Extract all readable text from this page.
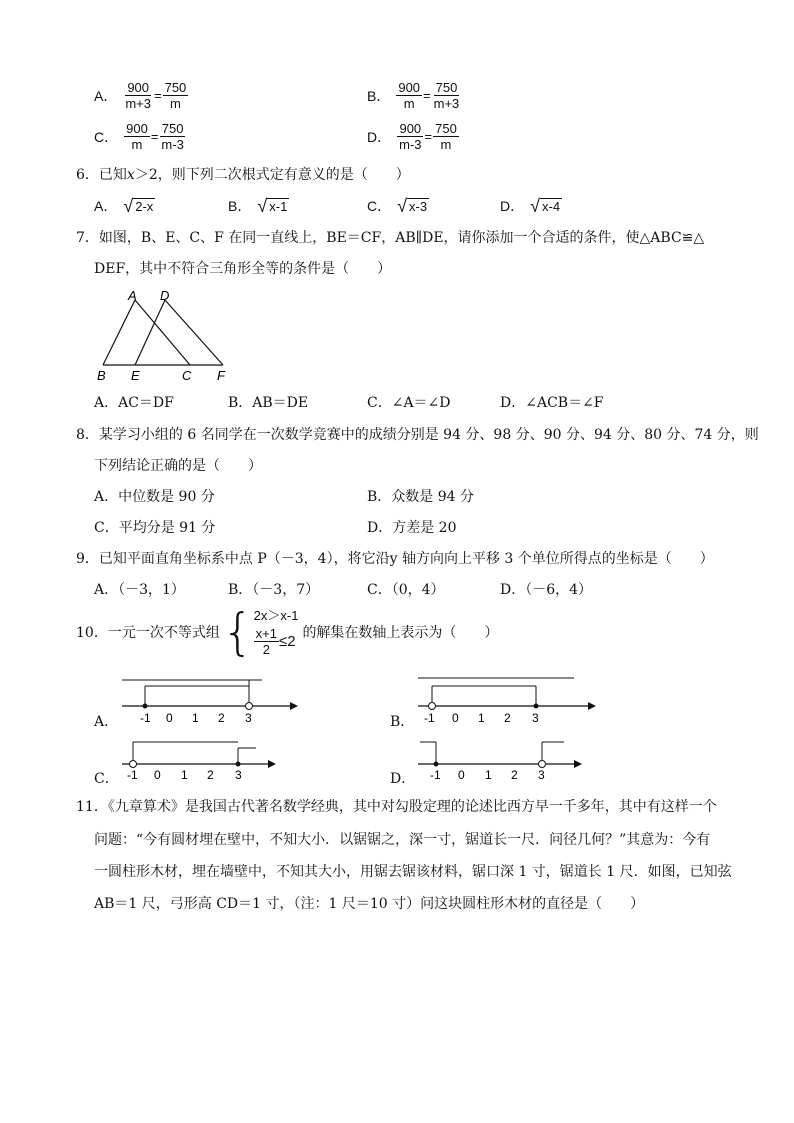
A． $\frac{900}{m+3} = \frac{750}{m}$	B． $\frac{900}{m} = \frac{750}{m+3}$
C． $\frac{900}{m} = \frac{750}{m-3}$	D． $\frac{900}{m-3} = \frac{750}{m}$
6．已知x＞2，则下列二次根式定有意义的是（　　）
A． √ 2-x	B． √ x-1	C． √ x-3	D． √ x-4
7．如图，B、E、C、F 在同一直线上，BE＝CF，AB∥DE，请你添加一个合适的条件，使△ABC≌△
DEF，其中不符合三角形全等的条件是（　　）
A D
B E	C F
A．AC＝DF	B．AB＝DE	C．∠A＝∠D	D．∠ACB＝∠F
8．某学习小组的 6 名同学在一次数学竞赛中的成绩分别是 94 分、98 分、90 分、94 分、80 分、74 分，则
下列结论正确的是（　　）
A．中位数是 90 分	B．众数是 94 分
C．平均分是 91 分	D．方差是 20
9．已知平面直角坐标系中点 P（－3，4），将它沿y 轴方向向上平移 3 个单位所得点的坐标是（　　）
A．（－3，1）	B．（－3，7）	C．（0，4）	D．（－6，4）
10．一元一次不等式组 { 2x＞x-1
$\frac{x+1}{2} \le 2$
的解集在数轴上表示为（　　）
A． -1 0 1 2 3	B． -1 0 1 2 3
C． -1 0 1 2 3	D． -1 0 1 2 3
11．《九章算术》是我国古代著名数学经典，其中对勾股定理的论述比西方早一千多年，其中有这样一个
问题：“今有圆材埋在壁中，不知大小．以锯锯之，深一寸，锯道长一尺．问径几何？”其意为：今有
一圆柱形木材，埋在墙壁中，不知其大小，用锯去锯该材料，锯口深 1 寸，锯道长 1 尺．如图，已知弦
AB＝1 尺，弓形高 CD＝1 寸，（注：1 尺＝10 寸）问这块圆柱形木材的直径是（　　）
